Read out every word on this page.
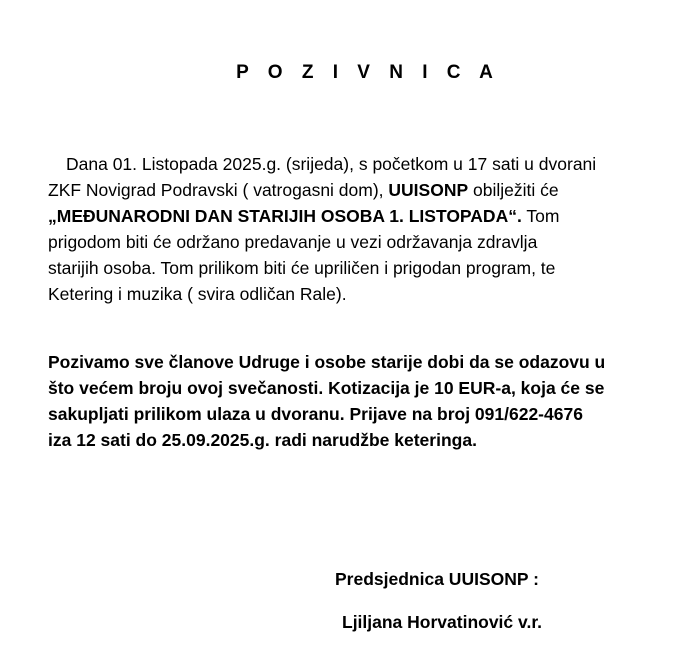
P O Z I V N I C A

Dana 01. Listopada 2025.g. (srijeda), s početkom u 17 sati u dvorani
ZKF Novigrad Podravski ( vatrogasni dom), UUISONP obilježiti će
„MEĐUNARODNI DAN STARIJIH OSOBA 1. LISTOPADA“. Tom
prigodom biti će održano predavanje u vezi održavanja zdravlja
starijih osoba. Tom prilikom biti će upriličen i prigodan program, te
Ketering i muzika ( svira odličan Rale).

Pozivamo sve članove Udruge i osobe starije dobi da se odazovu u
što većem broju ovoj svečanosti. Kotizacija je 10 EUR-a, koja će se
sakupljati prilikom ulaza u dvoranu. Prijave na broj 091/622-4676
iza 12 sati do 25.09.2025.g. radi narudžbe keteringa.

Predsjednica UUISONP :
Ljiljana Horvatinović v.r.
